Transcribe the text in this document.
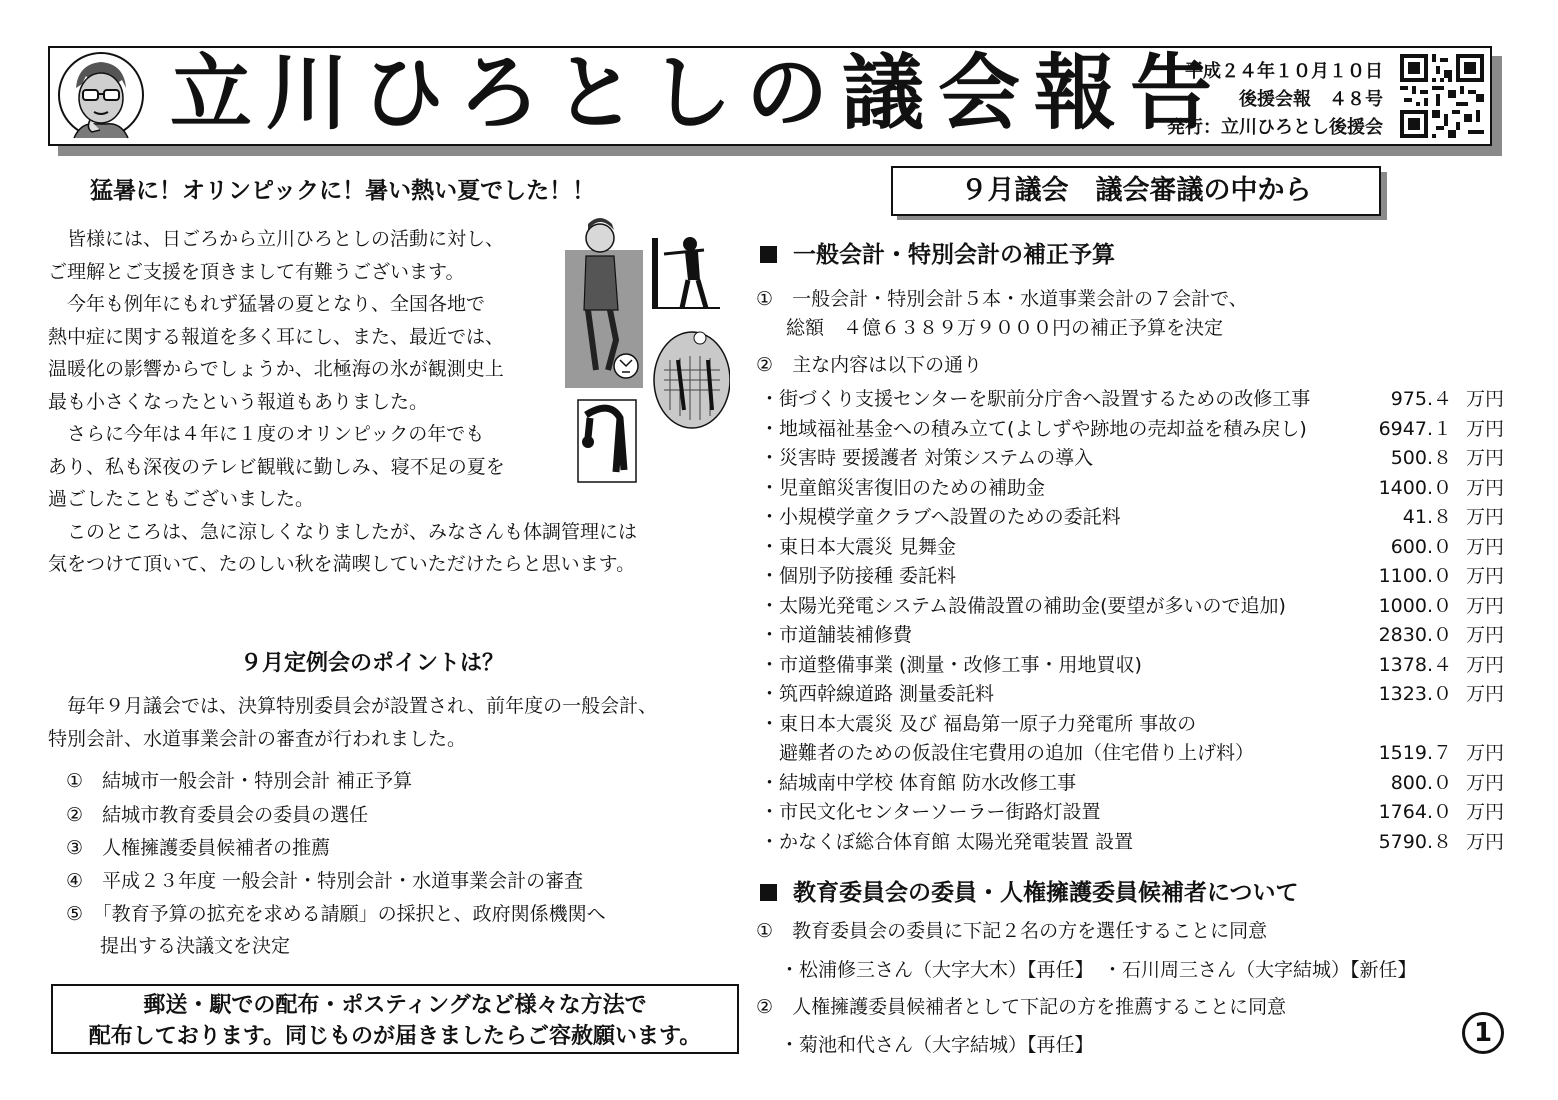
立川ひろとしの議会報告
平成２４年１０月１０日
後援会報　４８号
発行：立川ひろとし後援会
猛暑に！オリンピックに！暑い熱い夏でした！！
　皆様には、日ごろから立川ひろとしの活動に対し、
ご理解とご支援を頂きまして有難うございます。
　今年も例年にもれず猛暑の夏となり、全国各地で
熱中症に関する報道を多く耳にし、また、最近では、
温暖化の影響からでしょうか、北極海の氷が観測史上
最も小さくなったという報道もありました。
　さらに今年は４年に１度のオリンピックの年でも
あり、私も深夜のテレビ観戦に勤しみ、寝不足の夏を
過ごしたこともございました。
　このところは、急に涼しくなりましたが、みなさんも体調管理には
気をつけて頂いて、たのしい秋を満喫していただけたらと思います。
９月定例会のポイントは？
　毎年９月議会では、決算特別委員会が設置され、前年度の一般会計、
特別会計、水道事業会計の審査が行われました。
①　 結城市一般会計・特別会計 補正予算
②　 結城市教育委員会の委員の選任
③　 人権擁護委員候補者の推薦
④　 平成２３年度 一般会計・特別会計・水道事業会計の審査
⑤　 「教育予算の拡充を求める請願」の採択と、政府関係機関へ
提出する決議文を決定
郵送・駅での配布・ポスティングなど様々な方法で
配布しております。同じものが届きましたらご容赦願います。
９月議会　議会審議の中から
一般会計・特別会計の補正予算
①　 一般会計・特別会計５本・水道事業会計の７会計で、
総額　４億６３８９万９０００円の補正予算を決定
②　 主な内容は以下の通り
・街づくり支援センターを駅前分庁舎へ設置するための改修工事	975.４ 万円
・地域福祉基金への積み立て(よしずや跡地の売却益を積み戻し)	6947.１ 万円
・災害時 要援護者 対策システムの導入	500.８ 万円
・児童館災害復旧のための補助金	1400.０ 万円
・小規模学童クラブへ設置のための委託料	41.８ 万円
・東日本大震災 見舞金	600.０ 万円
・個別予防接種 委託料	1100.０ 万円
・太陽光発電システム設備設置の補助金(要望が多いので追加)	1000.０ 万円
・市道舗装補修費	2830.０ 万円
・市道整備事業 (測量・改修工事・用地買収)	1378.４ 万円
・筑西幹線道路 測量委託料	1323.０ 万円
・東日本大震災 及び 福島第一原子力発電所 事故の
　避難者のための仮設住宅費用の追加（住宅借り上げ料）	1519.７ 万円
・結城南中学校 体育館 防水改修工事	800.０ 万円
・市民文化センターソーラー街路灯設置	1764.０ 万円
・かなくぼ総合体育館 太陽光発電装置 設置	5790.８ 万円
教育委員会の委員・人権擁護委員候補者について
①　 教育委員会の委員に下記２名の方を選任することに同意
・松浦修三さん（大字大木）【再任】　・石川周三さん（大字結城）【新任】
②　 人権擁護委員候補者として下記の方を推薦することに同意
・菊池和代さん（大字結城）【再任】	1
